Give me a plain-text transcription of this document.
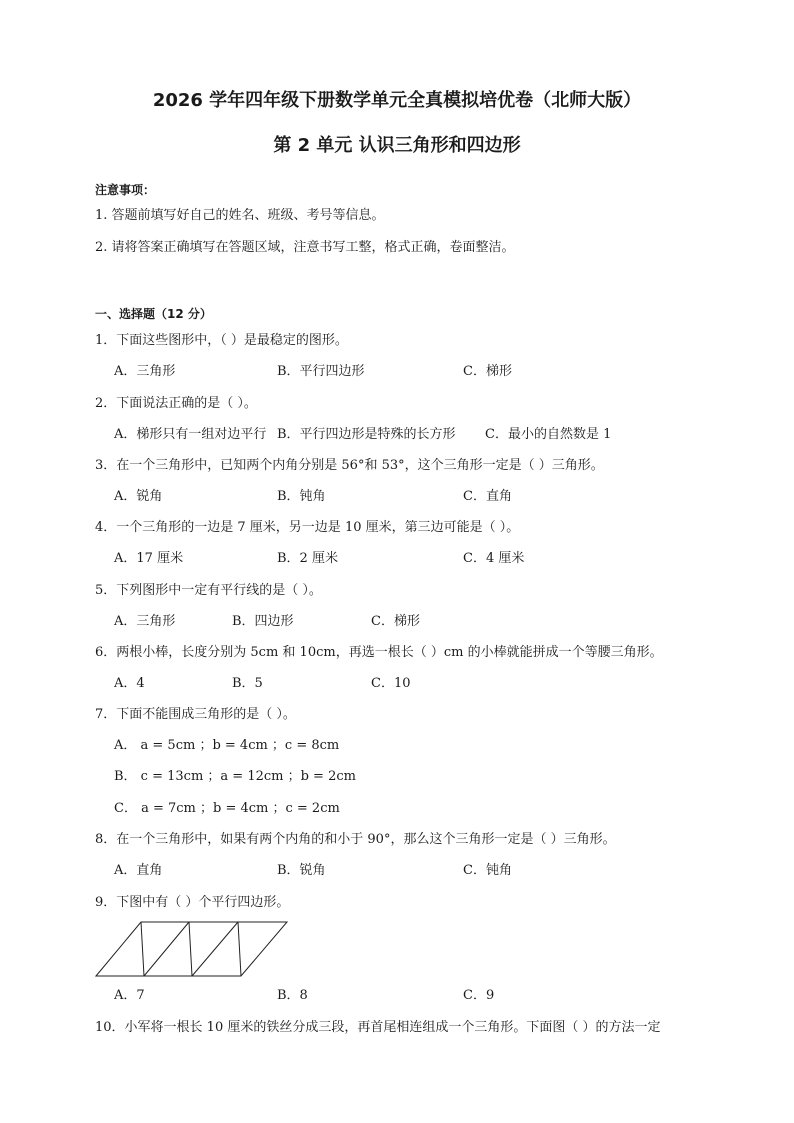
2026 学年四年级下册数学单元全真模拟培优卷（北师大版）
第 2 单元 认识三角形和四边形
注意事项：
1. 答题前填写好自己的姓名、班级、考号等信息。
2. 请将答案正确填写在答题区域，注意书写工整，格式正确，卷面整洁。
一、选择题（12 分）
1．下面这些图形中，（ ）是最稳定的图形。
A．三角形	B．平行四边形	C．梯形
2．下面说法正确的是（ ）。
A．梯形只有一组对边平行 B．平行四边形是特殊的长方形 C．最小的自然数是 1
3．在一个三角形中，已知两个内角分别是 56°和 53°，这个三角形一定是（ ）三角形。
A．锐角	B．钝角	C．直角
4．一个三角形的一边是 7 厘米，另一边是 10 厘米，第三边可能是（ ）。
A．17 厘米	B．2 厘米	C．4 厘米
5．下列图形中一定有平行线的是（ ）。
A．三角形	B．四边形	C．梯形
6．两根小棒，长度分别为 5cm 和 10cm，再选一根长（ ）cm 的小棒就能拼成一个等腰三角形。
A．4	B．5	C．10
7．下面不能围成三角形的是（ ）。
A． a = 5cm ；b = 4cm ；c = 8cm
B． c = 13cm ；a = 12cm ；b = 2cm
C． a = 7cm ；b = 4cm ；c = 2cm
8．在一个三角形中，如果有两个内角的和小于 90°，那么这个三角形一定是（ ）三角形。
A．直角	B．锐角	C．钝角
9．下图中有（ ）个平行四边形。
A．7	B．8	C．9
10．小军将一根长 10 厘米的铁丝分成三段，再首尾相连组成一个三角形。下面图（ ）的方法一定
